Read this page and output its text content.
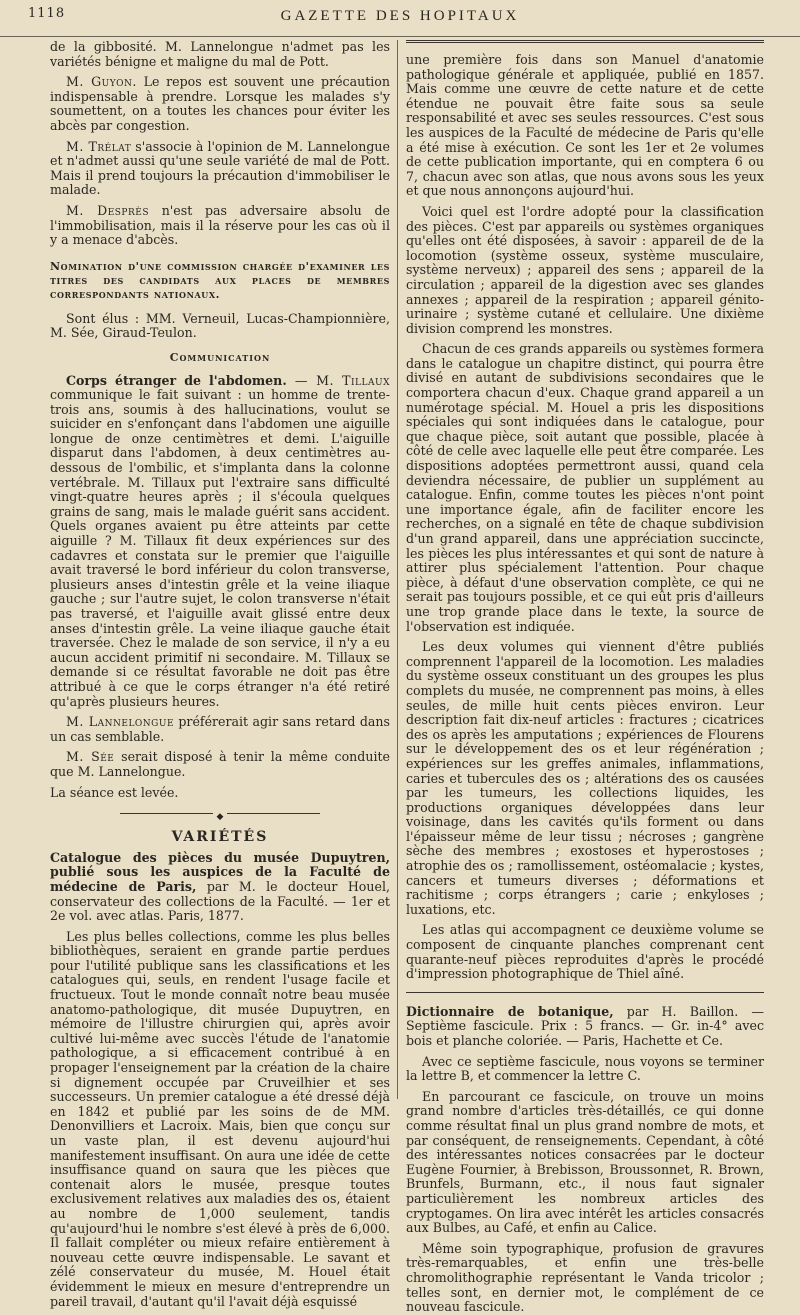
1118	GAZETTE DES HOPITAUX

de la gibbosité. M. Lannelongue n'admet pas les variétés bénigne et maligne du mal de Pott.

M. Guyon. Le repos est souvent une précaution indispensable à prendre. Lorsque les malades s'y soumettent, on a toutes les chances pour éviter les abcès par congestion.

M. Trélat s'associe à l'opinion de M. Lannelongue et n'admet aussi qu'une seule variété de mal de Pott. Mais il prend toujours la précaution d'immobiliser le malade.

M. Desprès n'est pas adversaire absolu de l'immobilisation, mais il la réserve pour les cas où il y a menace d'abcès.

Nomination d'une commission chargée d'examiner les titres des candidats aux places de membres correspondants nationaux.

Sont élus : MM. Verneuil, Lucas-Championnière, M. Sée, Giraud-Teulon.

Communication

Corps étranger de l'abdomen. — M. Tillaux communique le fait suivant : un homme de trente-trois ans, soumis à des hallucinations, voulut se suicider en s'enfonçant dans l'abdomen une aiguille longue de onze centimètres et demi. L'aiguille disparut dans l'abdomen, à deux centimètres au-dessous de l'ombilic, et s'implanta dans la colonne vertébrale. M. Tillaux put l'extraire sans difficulté vingt-quatre heures après ; il s'écoula quelques grains de sang, mais le malade guérit sans accident. Quels organes avaient pu être atteints par cette aiguille ? M. Tillaux fit deux expériences sur des cadavres et constata sur le premier que l'aiguille avait traversé le bord inférieur du colon transverse, plusieurs anses d'intestin grêle et la veine iliaque gauche ; sur l'autre sujet, le colon transverse n'était pas traversé, et l'aiguille avait glissé entre deux anses d'intestin grêle. La veine iliaque gauche était traversée. Chez le malade de son service, il n'y a eu aucun accident primitif ni secondaire. M. Tillaux se demande si ce résultat favorable ne doit pas être attribué à ce que le corps étranger n'a été retiré qu'après plusieurs heures.

M. Lannelongue préférerait agir sans retard dans un cas semblable.

M. Sée serait disposé à tenir la même conduite que M. Lannelongue.

La séance est levée.

◆
VARIÉTÉS

Catalogue des pièces du musée Dupuytren, publié sous les auspices de la Faculté de médecine de Paris, par M. le docteur Houel, conservateur des collections de la Faculté. — 1er et 2e vol. avec atlas. Paris, 1877.

Les plus belles collections, comme les plus belles bibliothèques, seraient en grande partie perdues pour l'utilité publique sans les classifications et les catalogues qui, seuls, en rendent l'usage facile et fructueux. Tout le monde connaît notre beau musée anatomo-pathologique, dit musée Dupuytren, en mémoire de l'illustre chirurgien qui, après avoir cultivé lui-même avec succès l'étude de l'anatomie pathologique, a si efficacement contribué à en propager l'enseignement par la création de la chaire si dignement occupée par Cruveilhier et ses successeurs. Un premier catalogue a été dressé déjà en 1842 et publié par les soins de de MM. Denonvilliers et Lacroix. Mais, bien que conçu sur un vaste plan, il est devenu aujourd'hui manifestement insuffisant. On aura une idée de cette insuffisance quand on saura que les pièces que contenait alors le musée, presque toutes exclusivement relatives aux maladies des os, étaient au nombre de 1,000 seulement, tandis qu'aujourd'hui le nombre s'est élevé à près de 6,000. Il fallait compléter ou mieux refaire entièrement à nouveau cette œuvre indispensable. Le savant et zélé conservateur du musée, M. Houel était évidemment le mieux en mesure d'entreprendre un pareil travail, d'autant qu'il l'avait déjà esquissé

une première fois dans son Manuel d'anatomie pathologique générale et appliquée, publié en 1857. Mais comme une œuvre de cette nature et de cette étendue ne pouvait être faite sous sa seule responsabilité et avec ses seules ressources. C'est sous les auspices de la Faculté de médecine de Paris qu'elle a été mise à exécution. Ce sont les 1er et 2e volumes de cette publication importante, qui en comptera 6 ou 7, chacun avec son atlas, que nous avons sous les yeux et que nous annonçons aujourd'hui.

Voici quel est l'ordre adopté pour la classification des pièces. C'est par appareils ou systèmes organiques qu'elles ont été disposées, à savoir : appareil de de la locomotion (système osseux, système musculaire, système nerveux) ; appareil des sens ; appareil de la circulation ; appareil de la digestion avec ses glandes annexes ; appareil de la respiration ; appareil génito-urinaire ; système cutané et cellulaire. Une dixième division comprend les monstres.

Chacun de ces grands appareils ou systèmes formera dans le catalogue un chapitre distinct, qui pourra être divisé en autant de subdivisions secondaires que le comportera chacun d'eux. Chaque grand appareil a un numérotage spécial. M. Houel a pris les dispositions spéciales qui sont indiquées dans le catalogue, pour que chaque pièce, soit autant que possible, placée à côté de celle avec laquelle elle peut être comparée. Les dispositions adoptées permettront aussi, quand cela deviendra nécessaire, de publier un supplément au catalogue. Enfin, comme toutes les pièces n'ont point une importance égale, afin de faciliter encore les recherches, on a signalé en tête de chaque subdivision d'un grand appareil, dans une appréciation succincte, les pièces les plus intéressantes et qui sont de nature à attirer plus spécialement l'attention. Pour chaque pièce, à défaut d'une observation complète, ce qui ne serait pas toujours possible, et ce qui eût pris d'ailleurs une trop grande place dans le texte, la source de l'observation est indiquée.

Les deux volumes qui viennent d'être publiés comprennent l'appareil de la locomotion. Les maladies du système osseux constituant un des groupes les plus complets du musée, ne comprennent pas moins, à elles seules, de mille huit cents pièces environ. Leur description fait dix-neuf articles : fractures ; cicatrices des os après les amputations ; expériences de Flourens sur le développement des os et leur régénération ; expériences sur les greffes animales, inflammations, caries et tubercules des os ; altérations des os causées par les tumeurs, les collections liquides, les productions organiques développées dans leur voisinage, dans les cavités qu'ils forment ou dans l'épaisseur même de leur tissu ; nécroses ; gangrène sèche des membres ; exostoses et hyperostoses ; atrophie des os ; ramollissement, ostéomalacie ; kystes, cancers et tumeurs diverses ; déformations et rachitisme ; corps étrangers ; carie ; enkyloses ; luxations, etc.

Les atlas qui accompagnent ce deuxième volume se composent de cinquante planches comprenant cent quarante-neuf pièces reproduites d'après le procédé d'impression photographique de Thiel aîné.

Dictionnaire de botanique, par H. Baillon. — Septième fascicule. Prix : 5 francs. — Gr. in-4° avec bois et planche coloriée. — Paris, Hachette et Ce.

Avec ce septième fascicule, nous voyons se terminer la lettre B, et commencer la lettre C.

En parcourant ce fascicule, on trouve un moins grand nombre d'articles très-détaillés, ce qui donne comme résultat final un plus grand nombre de mots, et par conséquent, de renseignements. Cependant, à côté des intéressantes notices consacrées par le docteur Eugène Fournier, à Brebisson, Broussonnet, R. Brown, Brunfels, Burmann, etc., il nous faut signaler particulièrement les nombreux articles des cryptogames. On lira avec intérêt les articles consacrés aux Bulbes, au Café, et enfin au Calice.

Même soin typographique, profusion de gravures très-remarquables, et enfin une très-belle chromolithographie représentant le Vanda tricolor ; telles sont, en dernier mot, le complément de ce nouveau fascicule.
